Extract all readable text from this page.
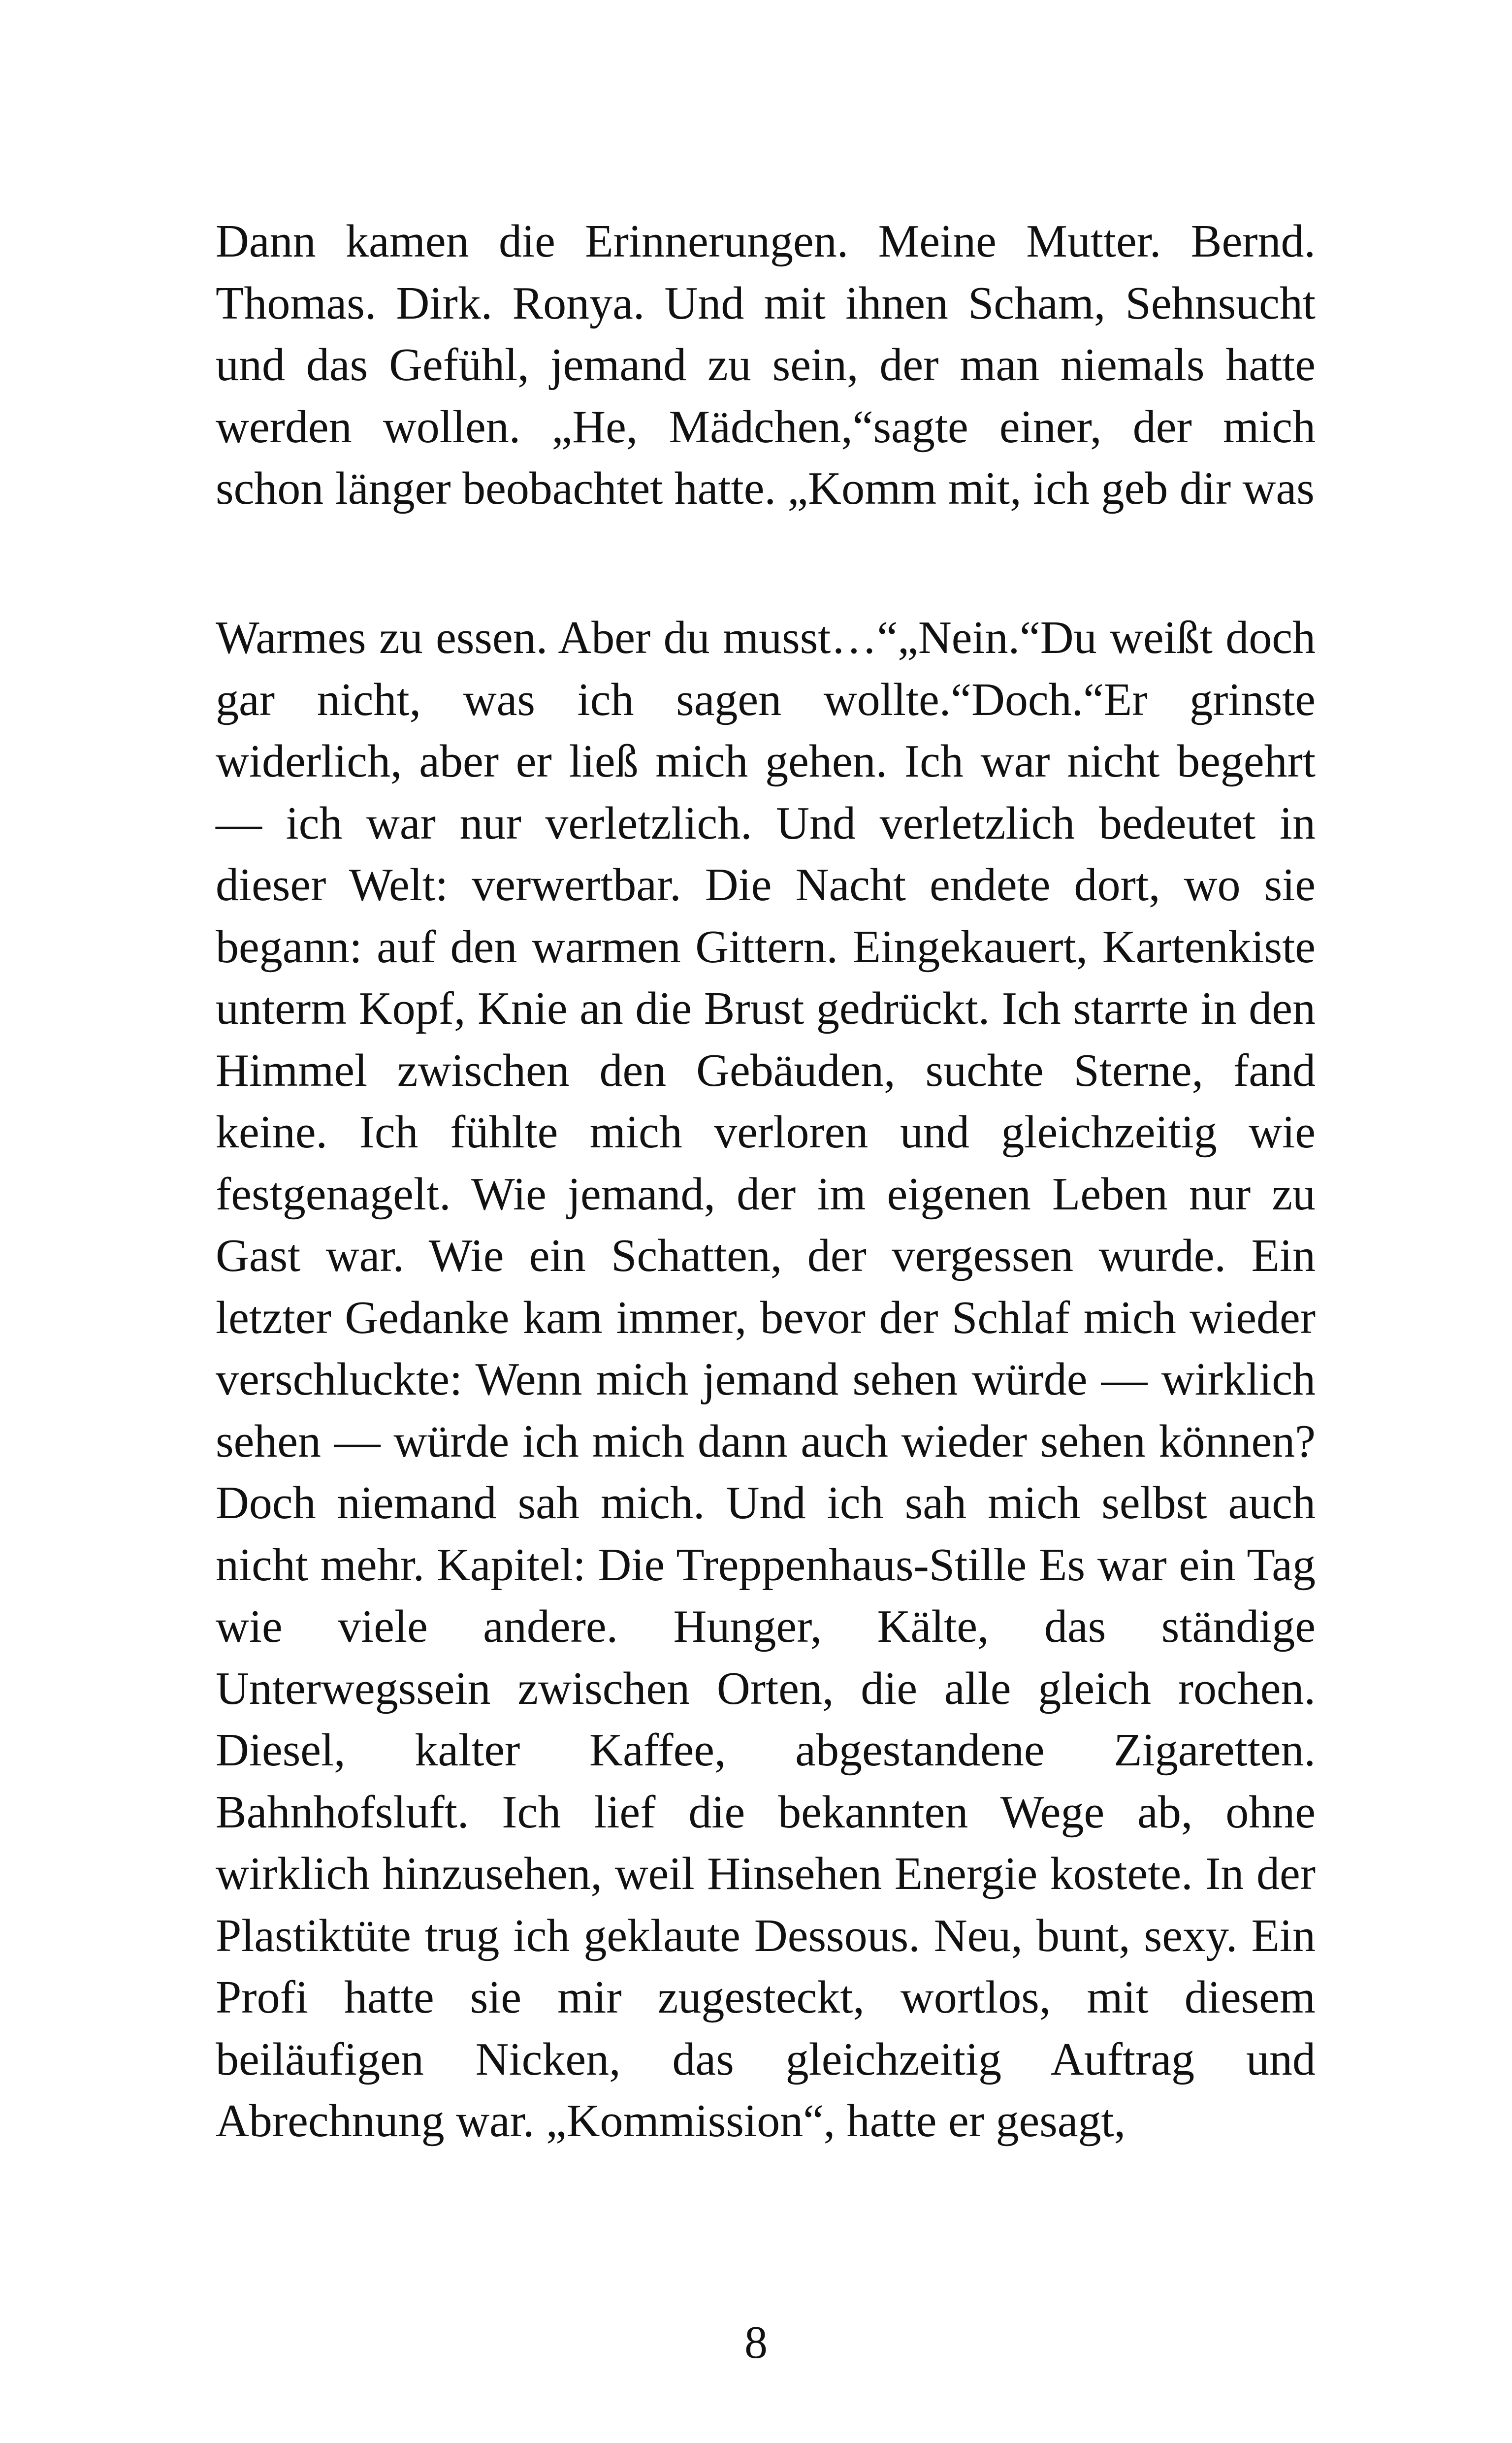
Dann kamen die Erinnerungen. Meine Mutter. Bernd. Thomas. Dirk. Ronya. Und mit ihnen Scham, Sehnsucht und das Gefühl, jemand zu sein, der man niemals hatte werden wollen. „He, Mädchen,“sagte einer, der mich schon länger beobachtet hatte. „Komm mit, ich geb dir was

Warmes zu essen. Aber du musst…“„Nein.“Du weißt doch gar nicht, was ich sagen wollte.“Doch.“Er grinste widerlich, aber er ließ mich gehen. Ich war nicht begehrt — ich war nur verletzlich. Und verletzlich bedeutet in dieser Welt: verwertbar. Die Nacht endete dort, wo sie begann: auf den warmen Gittern. Eingekauert, Kartenkiste unterm Kopf, Knie an die Brust gedrückt. Ich starrte in den Himmel zwischen den Gebäuden, suchte Sterne, fand keine. Ich fühlte mich verloren und gleichzeitig wie festgenagelt. Wie jemand, der im eigenen Leben nur zu Gast war. Wie ein Schatten, der vergessen wurde. Ein letzter Gedanke kam immer, bevor der Schlaf mich wieder verschluckte: Wenn mich jemand sehen würde — wirklich sehen — würde ich mich dann auch wieder sehen können? Doch niemand sah mich. Und ich sah mich selbst auch nicht mehr. Kapitel: Die Treppenhaus-Stille Es war ein Tag wie viele andere. Hunger, Kälte, das ständige Unterwegssein zwischen Orten, die alle gleich rochen. Diesel, kalter Kaffee, abgestandene Zigaretten. Bahnhofsluft. Ich lief die bekannten Wege ab, ohne wirklich hinzusehen, weil Hinsehen Energie kostete. In der Plastiktüte trug ich geklaute Dessous. Neu, bunt, sexy. Ein Profi hatte sie mir zugesteckt, wortlos, mit diesem beiläufigen Nicken, das gleichzeitig Auftrag und Abrechnung war. „Kommission“, hatte er gesagt,

8
